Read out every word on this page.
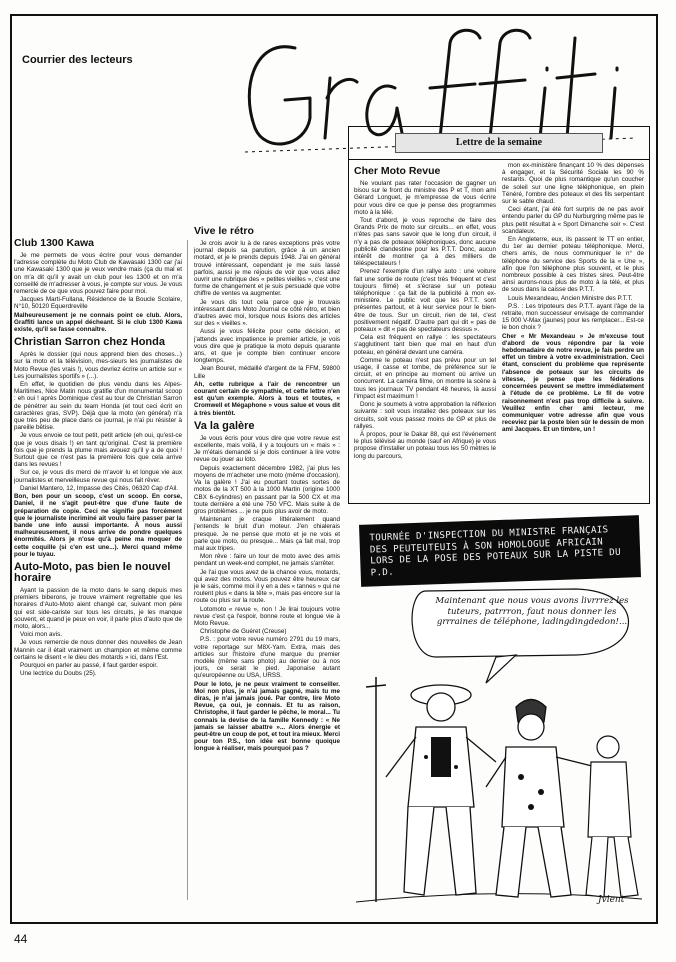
Courrier des lecteurs
Club 1300 Kawa

Je me permets de vous écrire pour vous demander l'adresse complète du Moto Club de Kawasaki 1300 car j'ai une Kawasaki 1300 que je veux vendre mais (ça du mal et on m'a dit qu'il y avait un club pour les 1300 et on m'a conseillé de m'adresser à vous, je compte sur vous. Je vous remercie de ce que vous pouvez faire pour moi.

Jacques Marti-Fullana, Résidence de la Boucle Scolaire, N°10, 50120 Equerdreville

Malheureusement je ne connais point ce club. Alors, Graffiti lance un appel décheant. Si le club 1300 Kawa existe, qu'il se fasse connaître.

Christian Sarron chez Honda

Après le dossier (qui nous apprend bien des choses...) sur la moto et la télévision, mes-sieurs les journalistes de Moto Revue (les vrais !), vous devriez écrire un article sur « Les journalistes sportifs » (...).

En effet, le quotidien de plus vendu dans les Alpes-Maritimes, Nice Matin nous gratifie d'un monumental scoop : eh oui ! après Dominique c'est au tour de Christian Sarron de pénétrer au sein du team Honda (et tout ceci écrit en caractères gras, SVP). Déjà que la moto (en général) n'a que très peu de place dans ce journal, je n'ai pu résister à pareille bêtise.

Je vous envoie ce tout petit, petit article (eh oui, qu'est-ce que je vous disais !) en tant qu'original. C'est la première fois que je prends la plume mais avouez qu'il y a de quoi ! Surtout que ce n'est pas la première fois que cela arrive dans les revues !

Sur ce, je vous dis merci de m'avoir lu et longue vie aux journalistes et merveilleuse revue qui nous fait rêver.

Daniel Mantero, 12, Impasse des Cités, 06320 Cap d'Ail.

Bon, ben pour un scoop, c'est un scoop. En corse, Daniel, il ne s'agit peut-être que d'une faute de préparation de copie. Ceci ne signifie pas forcément que le journaliste incriminé ait voulu faire passer par la bande une info aussi importante. À nous aussi malheureusement, il nous arrive de pondre quelques énormités. Alors je n'ose qu'à peine ma moquer de cette coquille (si c'en est une...). Merci quand même pour le tuyau.

Auto-Moto, pas bien le nouvel horaire

Ayant la passion de la moto dans le sang depuis mes premiers biberons, je trouve vraiment regrettable que les horaires d'Auto-Moto aient changé car, suivant mon père qui est side-cariste sur tous les circuits, je les manque souvent, et quand je peux en voir, il parle plus d'auto que de moto, alors...

Voici mon avis.

Je vous remercie de nous donner des nouvelles de Jean Mannin car il était vraiment un champion et même comme certains le disent « le dieu des motards » ici, dans l'Est.

Pourquoi en parler au passé, il faut garder espoir.

Une lectrice du Doubs (25).

Vive le rétro

Je crois avoir lu à de rares exceptions près votre journal depuis sa parution, grâce à un ancien motard, et je le prends depuis 1948. J'ai en général trouvé intéressant, cependant je me suis lassé parfois, aussi je me réjouis de voir que vous allez ouvrir une rubrique des « petites vieilles », c'est une forme de changement et je suis persuadé que votre chiffre de ventes va augmenter.

Je vous dis tout cela parce que je trouvais intéressant dans Moto Journal ce côté rétro, et bien d'autres avec moi, lorsque nous lisions des articles sur des « vieilles ».

Aussi je vous félicite pour cette décision, et j'attends avec impatience le premier article, je vois vous dire que je pratique la moto depuis quarante ans, et que je compte bien continuer encore longtemps.

Jean Bouret, médaillé d'argent de la FFM, 59800 Lille

Ah, cette rubrique a l'air de rencontrer un courant certain de sympathie, et cette lettre n'en est qu'un exemple. Alors à tous et toutes, « Cromwell et Mégaphone » vous salue et vous dit à très bientôt.

Va la galère

Je vous écris pour vous dire que votre revue est excellente, mais voilà, il y a toujours un « mais » : Je m'étais demandé si je dois continuer à lire votre revue ou jouer au loto.

Depuis exactement décembre 1982, j'ai plus les moyens de m'acheter une moto (même d'occasion). Va la galère ! J'ai eu pourtant toutes sortes de motos de la XT 500 à la 1000 Martin (origine 1000 CBX 6-cylindres) en passant par la 500 CX et ma toute dernière a été une 750 VFC. Mais suite à de gros problèmes ... je ne puis plus avoir de moto.

Maintenant je craque littéralement quand j'entends le bruit d'un moteur. J'en chialerais presque. Je ne pense que moto et je ne vois et parle que moto, ou presque... Mais ça fait mal, trop mal aux tripes.

Mon rêve : faire un tour de moto avec des amis pendant un week-end complet, ne jamais s'arrêter.

Je l'ai que vous avez de la chance vous, motards, qui avez des motos. Vous pouvez être heureux car je le sais, comme moi il y en a des « tannes » qui ne roulent plus « dans la tête », mais pas encore sur la route ou plus sur la route.

Lotomoto « revue », non ! Je lirai toujours votre revue c'est ça l'espoir, bonne route et longue vie à Moto Revue.

Christophe de Guéret (Creuse)

P.S. : pour votre revue numéro 2791 du 19 mars, votre reportage sur M8X-Yam. Extra, mais des articles sur l'histoire d'une marque du premier modèle (même sans photo) au dernier ou à nos jours, ce serait le pied. Japonaise autant qu'européenne ou USA, URSS.

Pour le loto, je ne peux vraiment te conseiller. Moi non plus, je n'ai jamais gagné, mais tu me diras, je n'ai jamais joué. Par contre, lire Moto Revue, ça oui, je connais. Et tu as raison, Christophe, il faut garder le pêche, le moral... Tu connais la devise de la famille Kennedy : « Ne jamais se laisser abattre »... Alors énergie et peut-être un coup de pot, et tout ira mieux. Merci pour ton P.S., ton idée est bonne quoique longue à réaliser, mais pourquoi pas ?

Lettre de la semaine
Cher Moto Revue

Ne voulant pas rater l'occasion de gagner un bisou sur le front du ministre des P et T, mon ami Gérard Longuet, je m'empresse de vous écrire pour vous dire ce que je pense des programmes moto à la télé.

Tout d'abord, je vous reproche de faire des Grands Prix de moto sur circuits... en effet, vous n'êtes pas sans savoir que le long d'un circuit, il n'y a pas de poteaux téléphoniques, donc aucune publicité clandestine pour les P.T.T. Donc, aucun intérêt de montrer ça à des milliers de téléspectateurs !

Prenez l'exemple d'un rallye auto : une voiture fait une sortie de route (c'est très fréquent et c'est toujours filmé) et s'écrase sur un poteau téléphonique : ça fait de la publicité à mon ex-ministère. Le public voit que les P.T.T. sont présentes partout, et à leur service pour le bien-être de tous. Sur un circuit, rien de tel, c'est positivement négatif. D'autre part qui dit « pas de poteaux » dit « pas de spectateurs dessus ».

Cela est fréquent en rallye : les spectateurs s'agglutinent tant bien que mal en haut d'un poteau, en général devant une caméra.

Comme le poteau n'est pas prévu pour un tel usage, il casse et tombe, de préférence sur le circuit, et en principe au moment où arrive un concurrent. La caméra filme, on montre la scène à tous les journaux TV pendant 48 heures, là aussi l'impact est maximum !

Donc je soumets à votre approbation la réflexion suivante : soit vous installez des poteaux sur les circuits, soit vous passez moins de GP et plus de rallyes.

À propos, pour le Dakar 88, qui est l'événement le plus télévisé au monde (sauf en Afrique) je vous propose d'installer un poteau tous les 50 mètres le long du parcours,

mon ex-ministère finançant 10 % des dépenses à engager, et la Sécurité Sociale les 90 % restants. Quoi de plus romantique qu'un coucher de soleil sur une ligne téléphonique, en plein Ténéré, l'ombre des poteaux et des fils serpentant sur le sable chaud.

Ceci étant, j'ai été fort surpris de ne pas avoir entendu parler du GP du Nurburgring même pas le plus petit résultat à « Sport Dimanche soir ». C'est scandaleux.

En Angleterre, eux, ils passent le TT en entier, du 1er au dernier poteau téléphonique. Merci, chers amis, de nous communiquer le n° de téléphone du service des Sports de la « Une », afin que l'on téléphone plus souvent, et le plus nombreux possible à ces tristes sires. Peut-être ainsi aurons-nous plus de moto à la télé, et plus de sous dans la caisse des P.T.T.

Louis Mexandeau, Ancien Ministre des P.T.T.

P.S. : Les tripoteurs des P.T.T. ayant l'âge de la retraite, mon successeur envisage de commander 15 000 V-Max (jaunes) pour les remplacer... Est-ce le bon choix ?

Cher « Mr Mexandeau » Je m'excuse tout d'abord de vous répondre par la voie hebdomadaire de notre revue, je fais perdre un effet un timbre à votre ex-administration. Ceci étant, conscient du problème que représente l'absence de poteaux sur les circuits de vitesse, je pense que les fédérations concernées peuvent se mettre immédiatement à l'étude de ce problème. Le fil de votre raisonnement n'est pas trop difficile à suivre. Veuillez enfin cher ami lecteur, me communiquer votre adresse afin que vous receviez par la poste bien sûr le dessin de mon ami Jacques. Et un timbre, un !

TOURNÉE D'INSPECTION DU MINISTRE FRANÇAIS DES PEUTEUTEUIS À SON HOMOLOGUE AFRICAIN LORS DE LA POSE DES POTEAUX SUR LA PISTE DU P.D.
Maintenant que nous vous avons livrrrez les tuteurs, patrrron, faut nous donner les grrraines de téléphone, ladingdingdedon!...
Jvient
44
